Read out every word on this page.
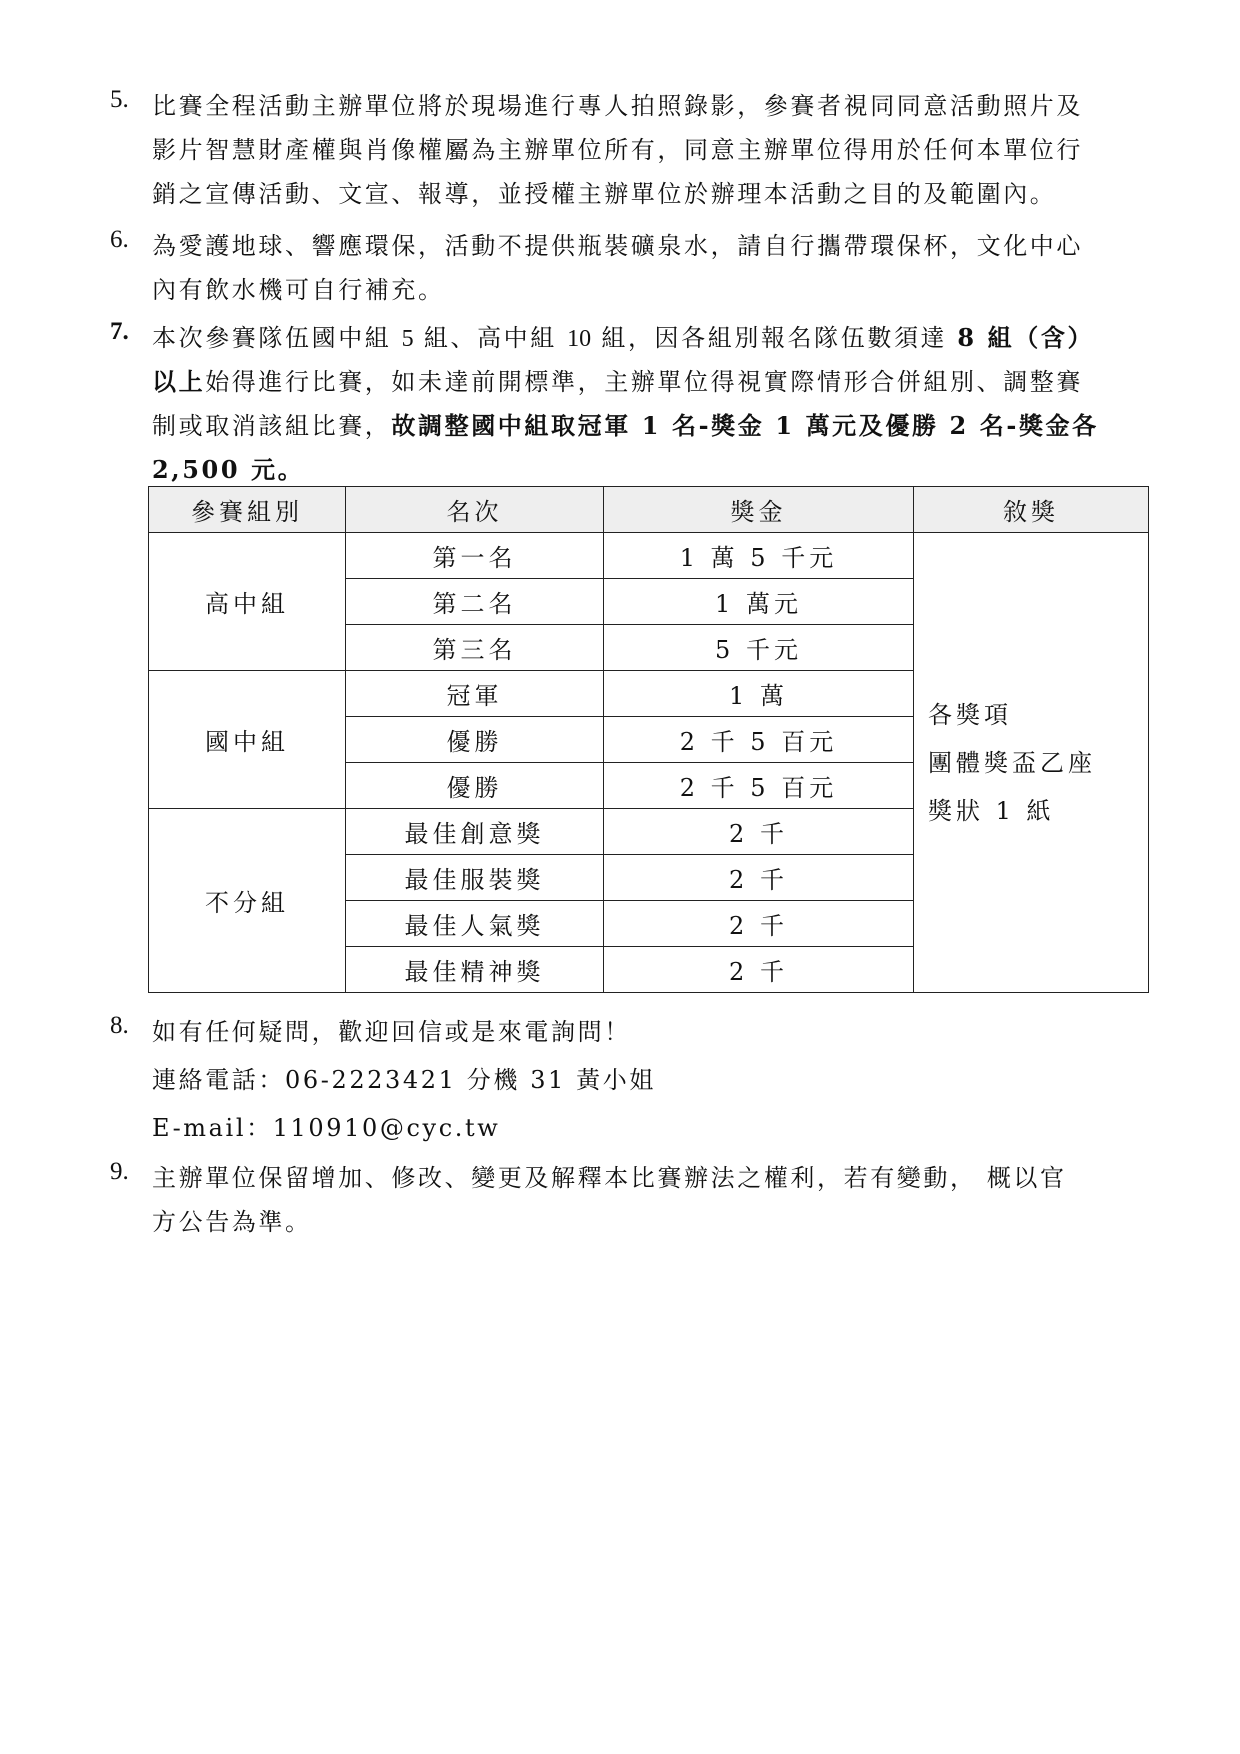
5. 比賽全程活動主辦單位將於現場進行專人拍照錄影，參賽者視同同意活動照片及
影片智慧財產權與肖像權屬為主辦單位所有，同意主辦單位得用於任何本單位行
銷之宣傳活動、文宣、報導，並授權主辦單位於辦理本活動之目的及範圍內。
6. 為愛護地球、響應環保，活動不提供瓶裝礦泉水，請自行攜帶環保杯，文化中心
內有飲水機可自行補充。
7. 本次參賽隊伍國中組 5 組、高中組 10 組，因各組別報名隊伍數須達 8 組（含）
以上始得進行比賽，如未達前開標準，主辦單位得視實際情形合併組別、調整賽
制或取消該組比賽，故調整國中組取冠軍 1 名-獎金 1 萬元及優勝 2 名-獎金各
2,500 元。
參賽組別	名次	獎金	敘獎
高中組	第一名	1 萬 5 千元	各獎項
團體獎盃乙座
獎狀 1 紙

	第二名	1 萬元	
	第三名	5 千元	
國中組	冠軍	1 萬	
	優勝	2 千 5 百元	
	優勝	2 千 5 百元	
不分組	最佳創意獎	2 千	
	最佳服裝獎	2 千	
	最佳人氣獎	2 千	
	最佳精神獎	2 千	
8. 如有任何疑問，歡迎回信或是來電詢問！
連絡電話：06-2223421 分機 31 黃小姐
E-mail：110910@cyc.tw
9. 主辦單位保留增加、修改、變更及解釋本比賽辦法之權利，若有變動， 概以官
方公告為準。
